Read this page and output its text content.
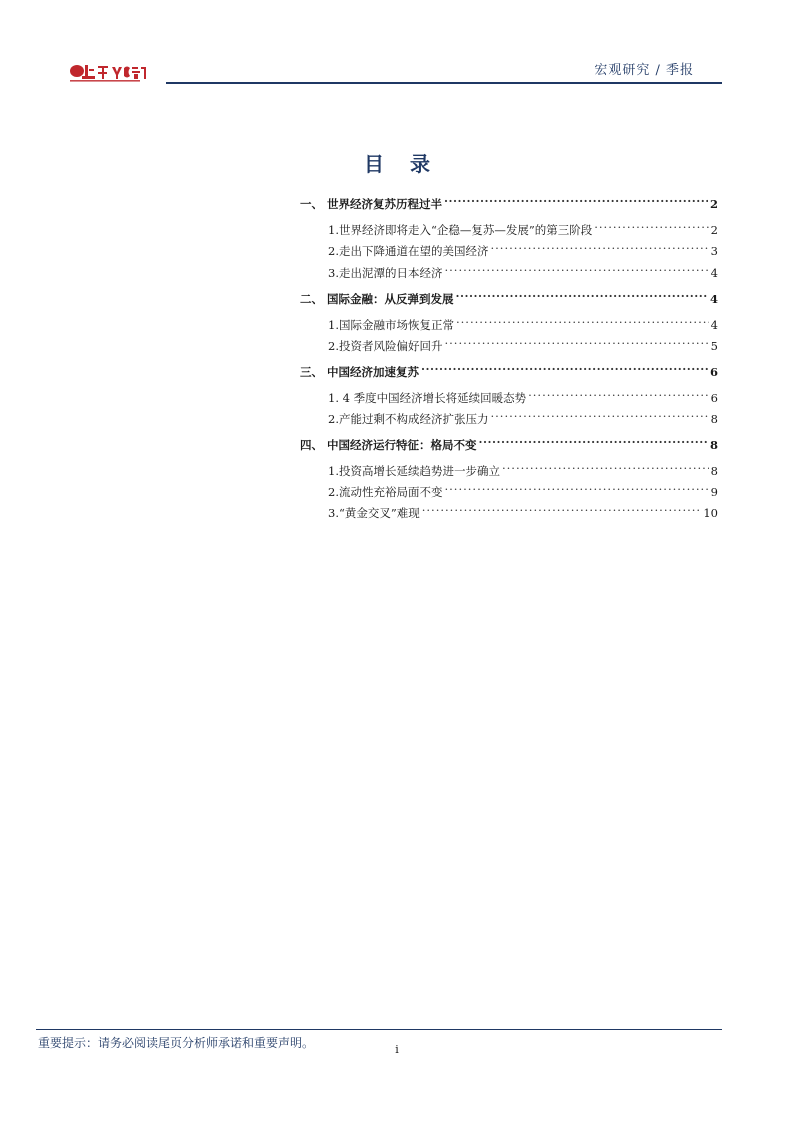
宏观研究 / 季报
目录
一、 世界经济复苏历程过半 .....	2
1.世界经济即将走入“企稳—复苏—发展”的第三阶段 .....	2
2.走出下降通道在望的美国经济 .....	3
3.走出泥潭的日本经济 .....	4
二、 国际金融：从反弹到发展 .....	4
1.国际金融市场恢复正常 .....	4
2.投资者风险偏好回升 .....	5
三、 中国经济加速复苏 .....	6
1. 4 季度中国经济增长将延续回暖态势 .....	6
2.产能过剩不构成经济扩张压力 .....	8
四、 中国经济运行特征：格局不变 .....	8
1.投资高增长延续趋势进一步确立 .....	8
2.流动性充裕局面不变 .....	9
3.“黄金交叉”难现 .....	10
重要提示：请务必阅读尾页分析师承诺和重要声明。	i
